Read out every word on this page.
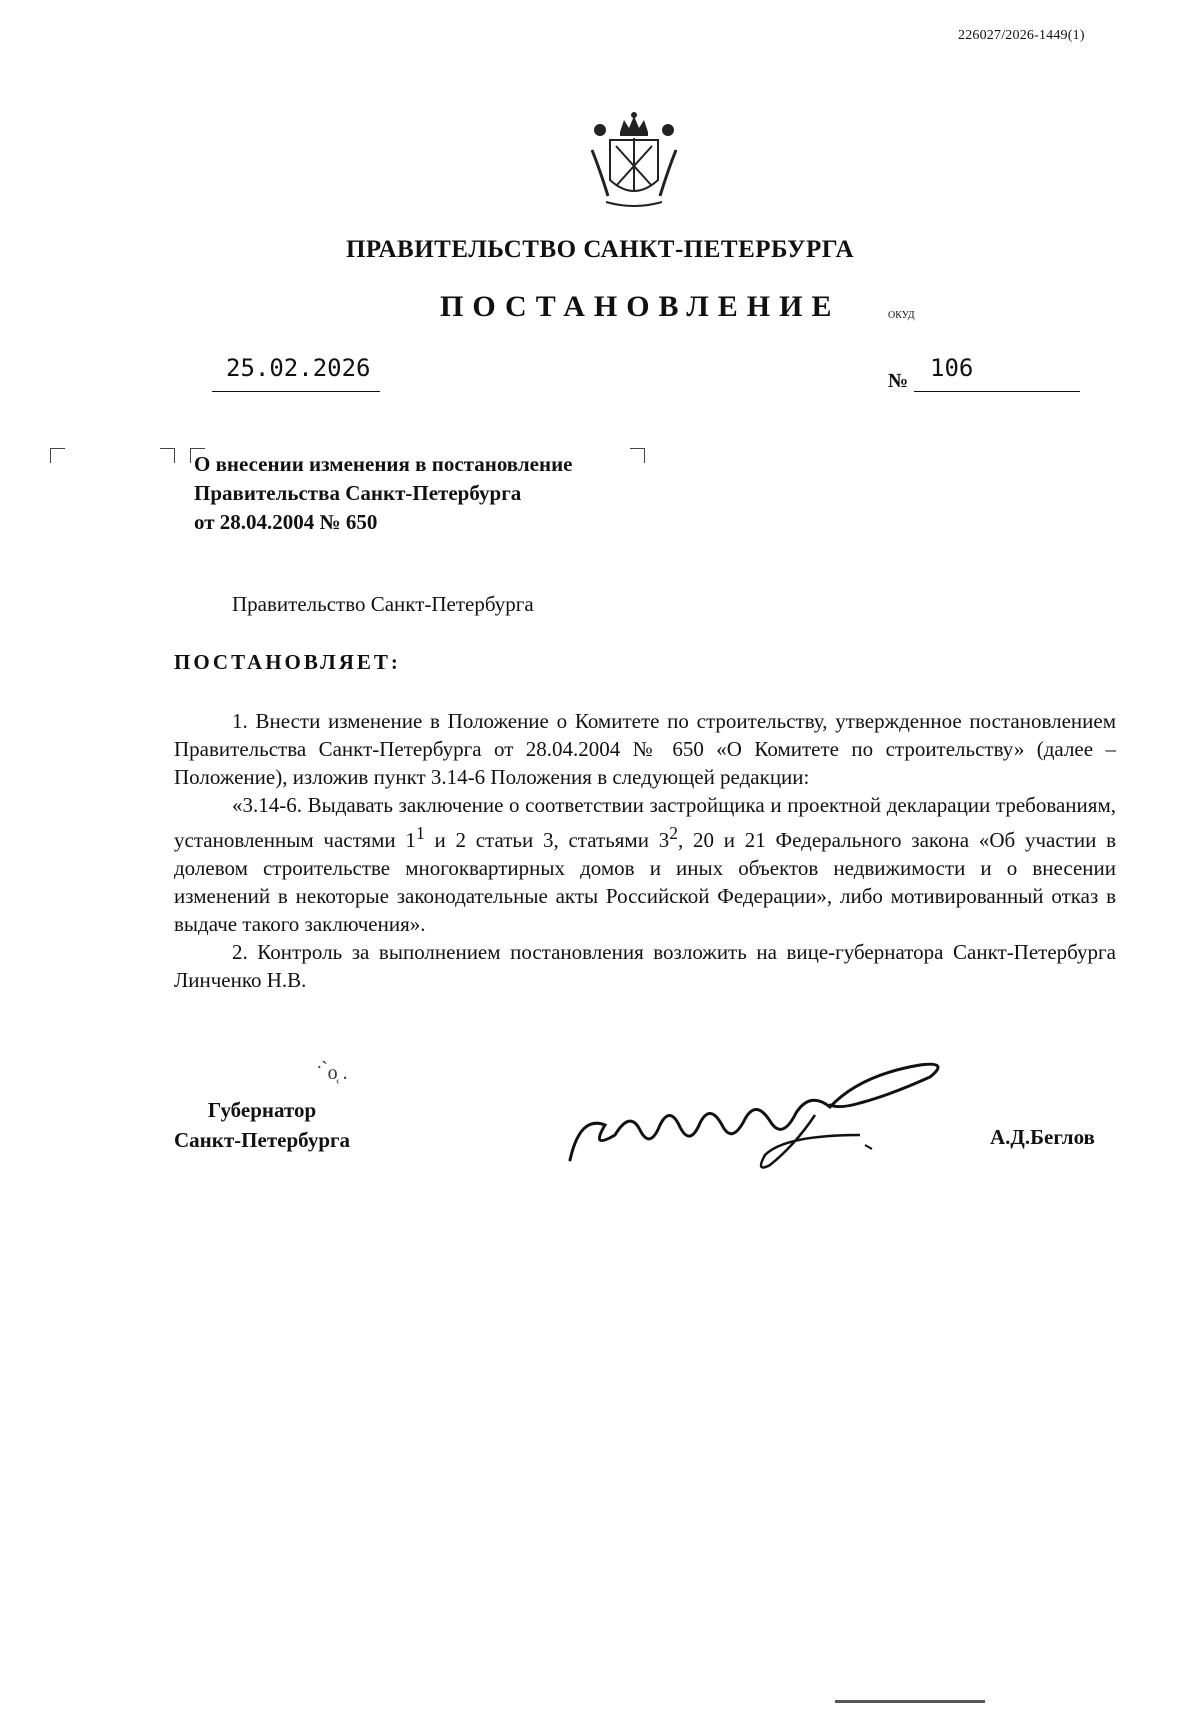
226027/2026-1449(1)
ПРАВИТЕЛЬСТВО САНКТ-ПЕТЕРБУРГА
ПОСТАНОВЛЕНИЕ	ОКУД
25.02.2026	№ 106
О внесении изменения в постановление
Правительства Санкт-Петербурга
от 28.04.2004 № 650
Правительство Санкт-Петербурга
ПОСТАНОВЛЯЕТ:

1. Внести изменение в Положение о Комитете по строительству, утвержденное постановлением Правительства Санкт-Петербурга от 28.04.2004 № 650 «О Комитете по строительству» (далее – Положение), изложив пункт 3.14-6 Положения в следующей редакции:

«3.14-6. Выдавать заключение о соответствии застройщика и проектной декларации требованиям, установленным частями $1^1$ и 2 статьи 3, статьями $3^2$, 20 и 21 Федерального закона «Об участии в долевом строительстве многоквартирных домов и иных объектов недвижимости и о внесении изменений в некоторые законодательные акты Российской Федерации», либо мотивированный отказ в выдаче такого заключения».

2. Контроль за выполнением постановления возложить на вице-губернатора Санкт-Петербурга Линченко Н.В.

˙ ̀o̜ .
Губернатор
Санкт-Петербурга	А.Д.Беглов
